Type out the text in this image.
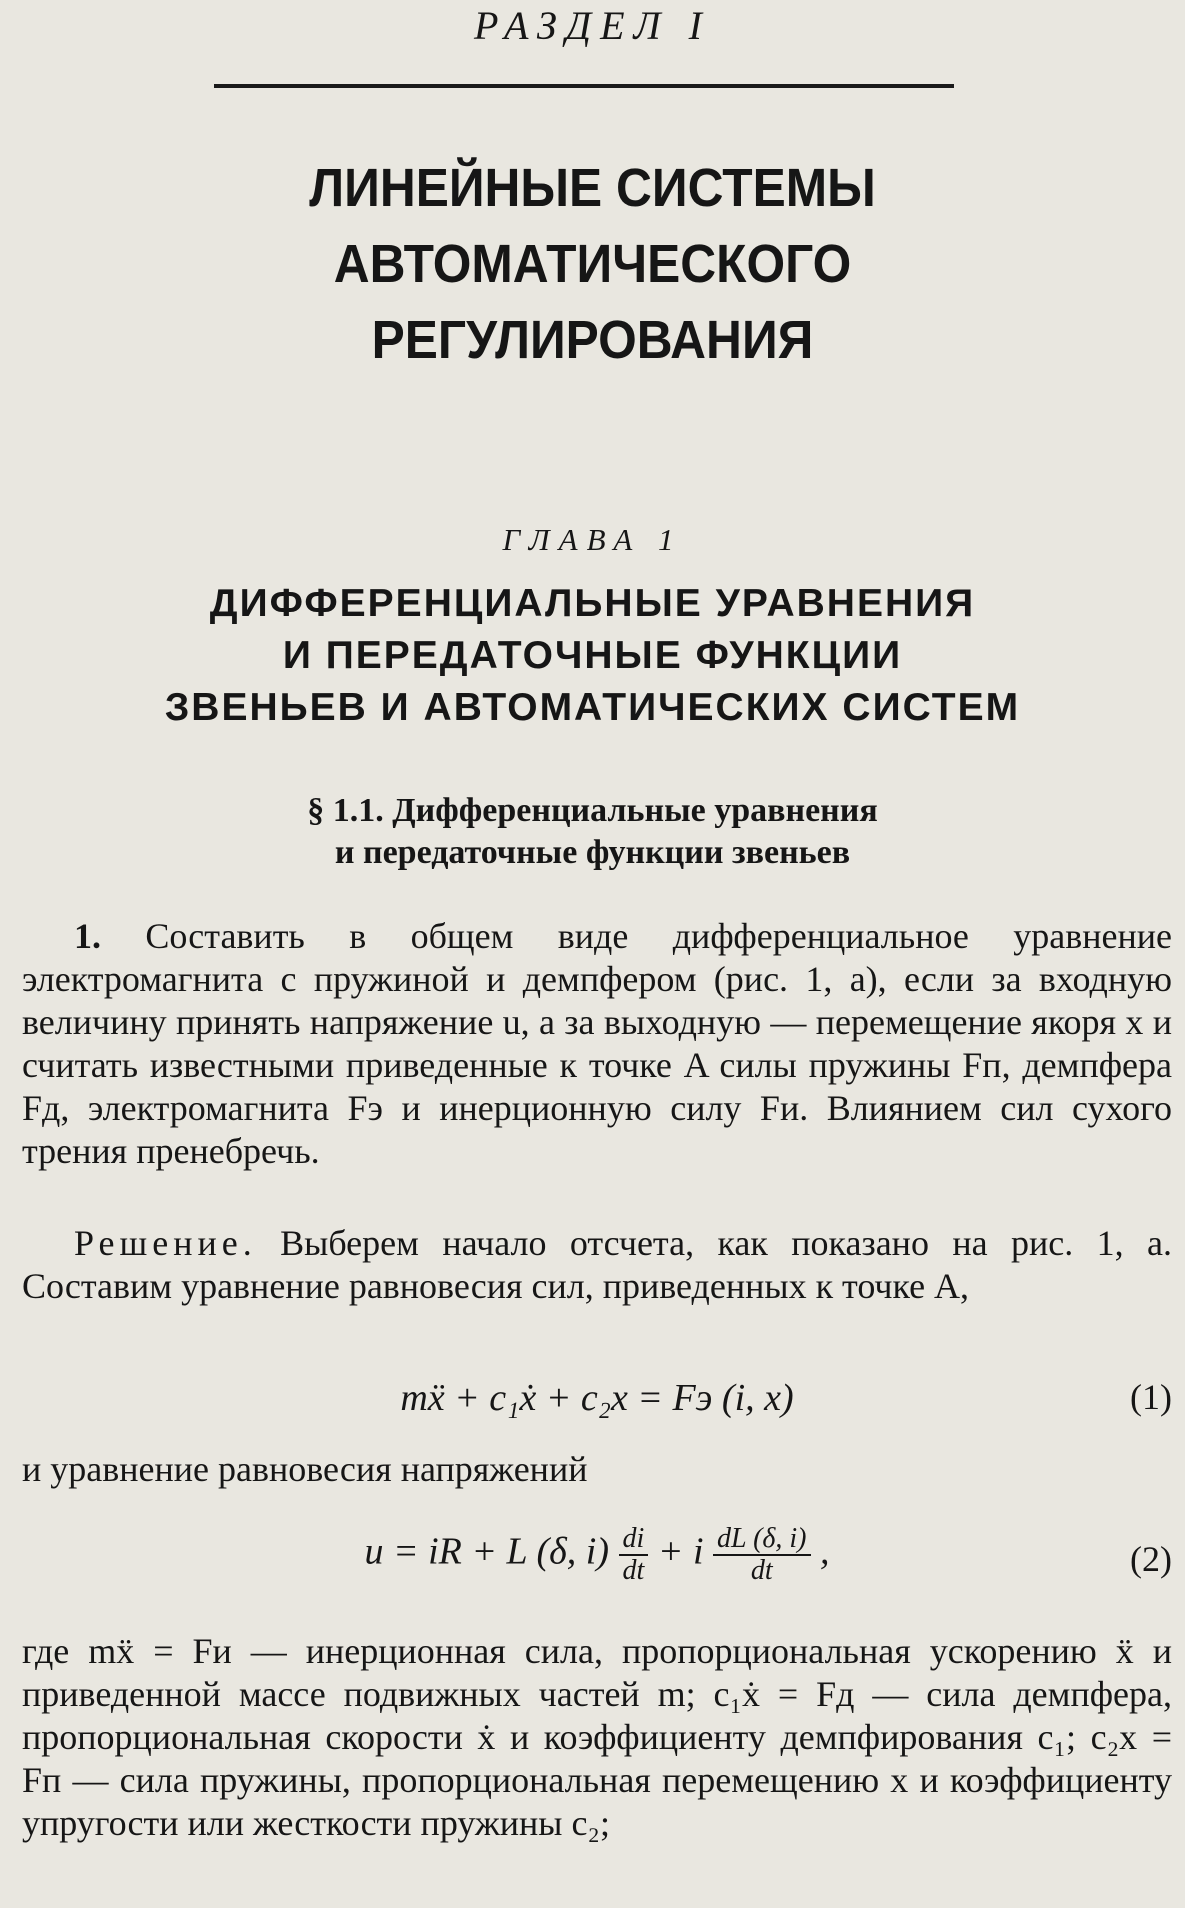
РАЗДЕЛ I
ЛИНЕЙНЫЕ СИСТЕМЫ АВТОМАТИЧЕСКОГО
РЕГУЛИРОВАНИЯ
ГЛАВА 1
ДИФФЕРЕНЦИАЛЬНЫЕ УРАВНЕНИЯ
И ПЕРЕДАТОЧНЫЕ ФУНКЦИИ
ЗВЕНЬЕВ И АВТОМАТИЧЕСКИХ СИСТЕМ
§ 1.1. Дифференциальные уравнения
и передаточные функции звеньев
1. Составить в общем виде дифференциальное уравнение электромагнита с пружиной и демпфером (рис. 1, а), если за входную величину принять напряжение u, а за выходную — перемещение якоря x и считать известными приведенные к точке A силы пружины Fп, демпфера Fд, электромагнита Fэ и инерционную силу Fи. Влиянием сил сухого трения пренебречь.
Решение. Выберем начало отсчета, как показано на рис. 1, а. Составим уравнение равновесия сил, приведенных к точке A,
mẍ + c₁ẋ + c₂x = Fэ (i, x)	(1)
и уравнение равновесия напряжений
u = iR + L (δ, $i) \frac{di}{dt} + i \frac{dL (\delta, i)}{dt}$ ,	(2)
где mẍ = Fи — инерционная сила, пропорциональная ускорению ẍ и приведенной массе подвижных частей m; c₁ẋ = Fд — сила демпфера, пропорциональная скорости ẋ и коэффициенту демпфирования c₁; c₂x = Fп — сила пружины, пропорциональная перемещению x и коэффициенту упругости или жесткости пружины c₂;
